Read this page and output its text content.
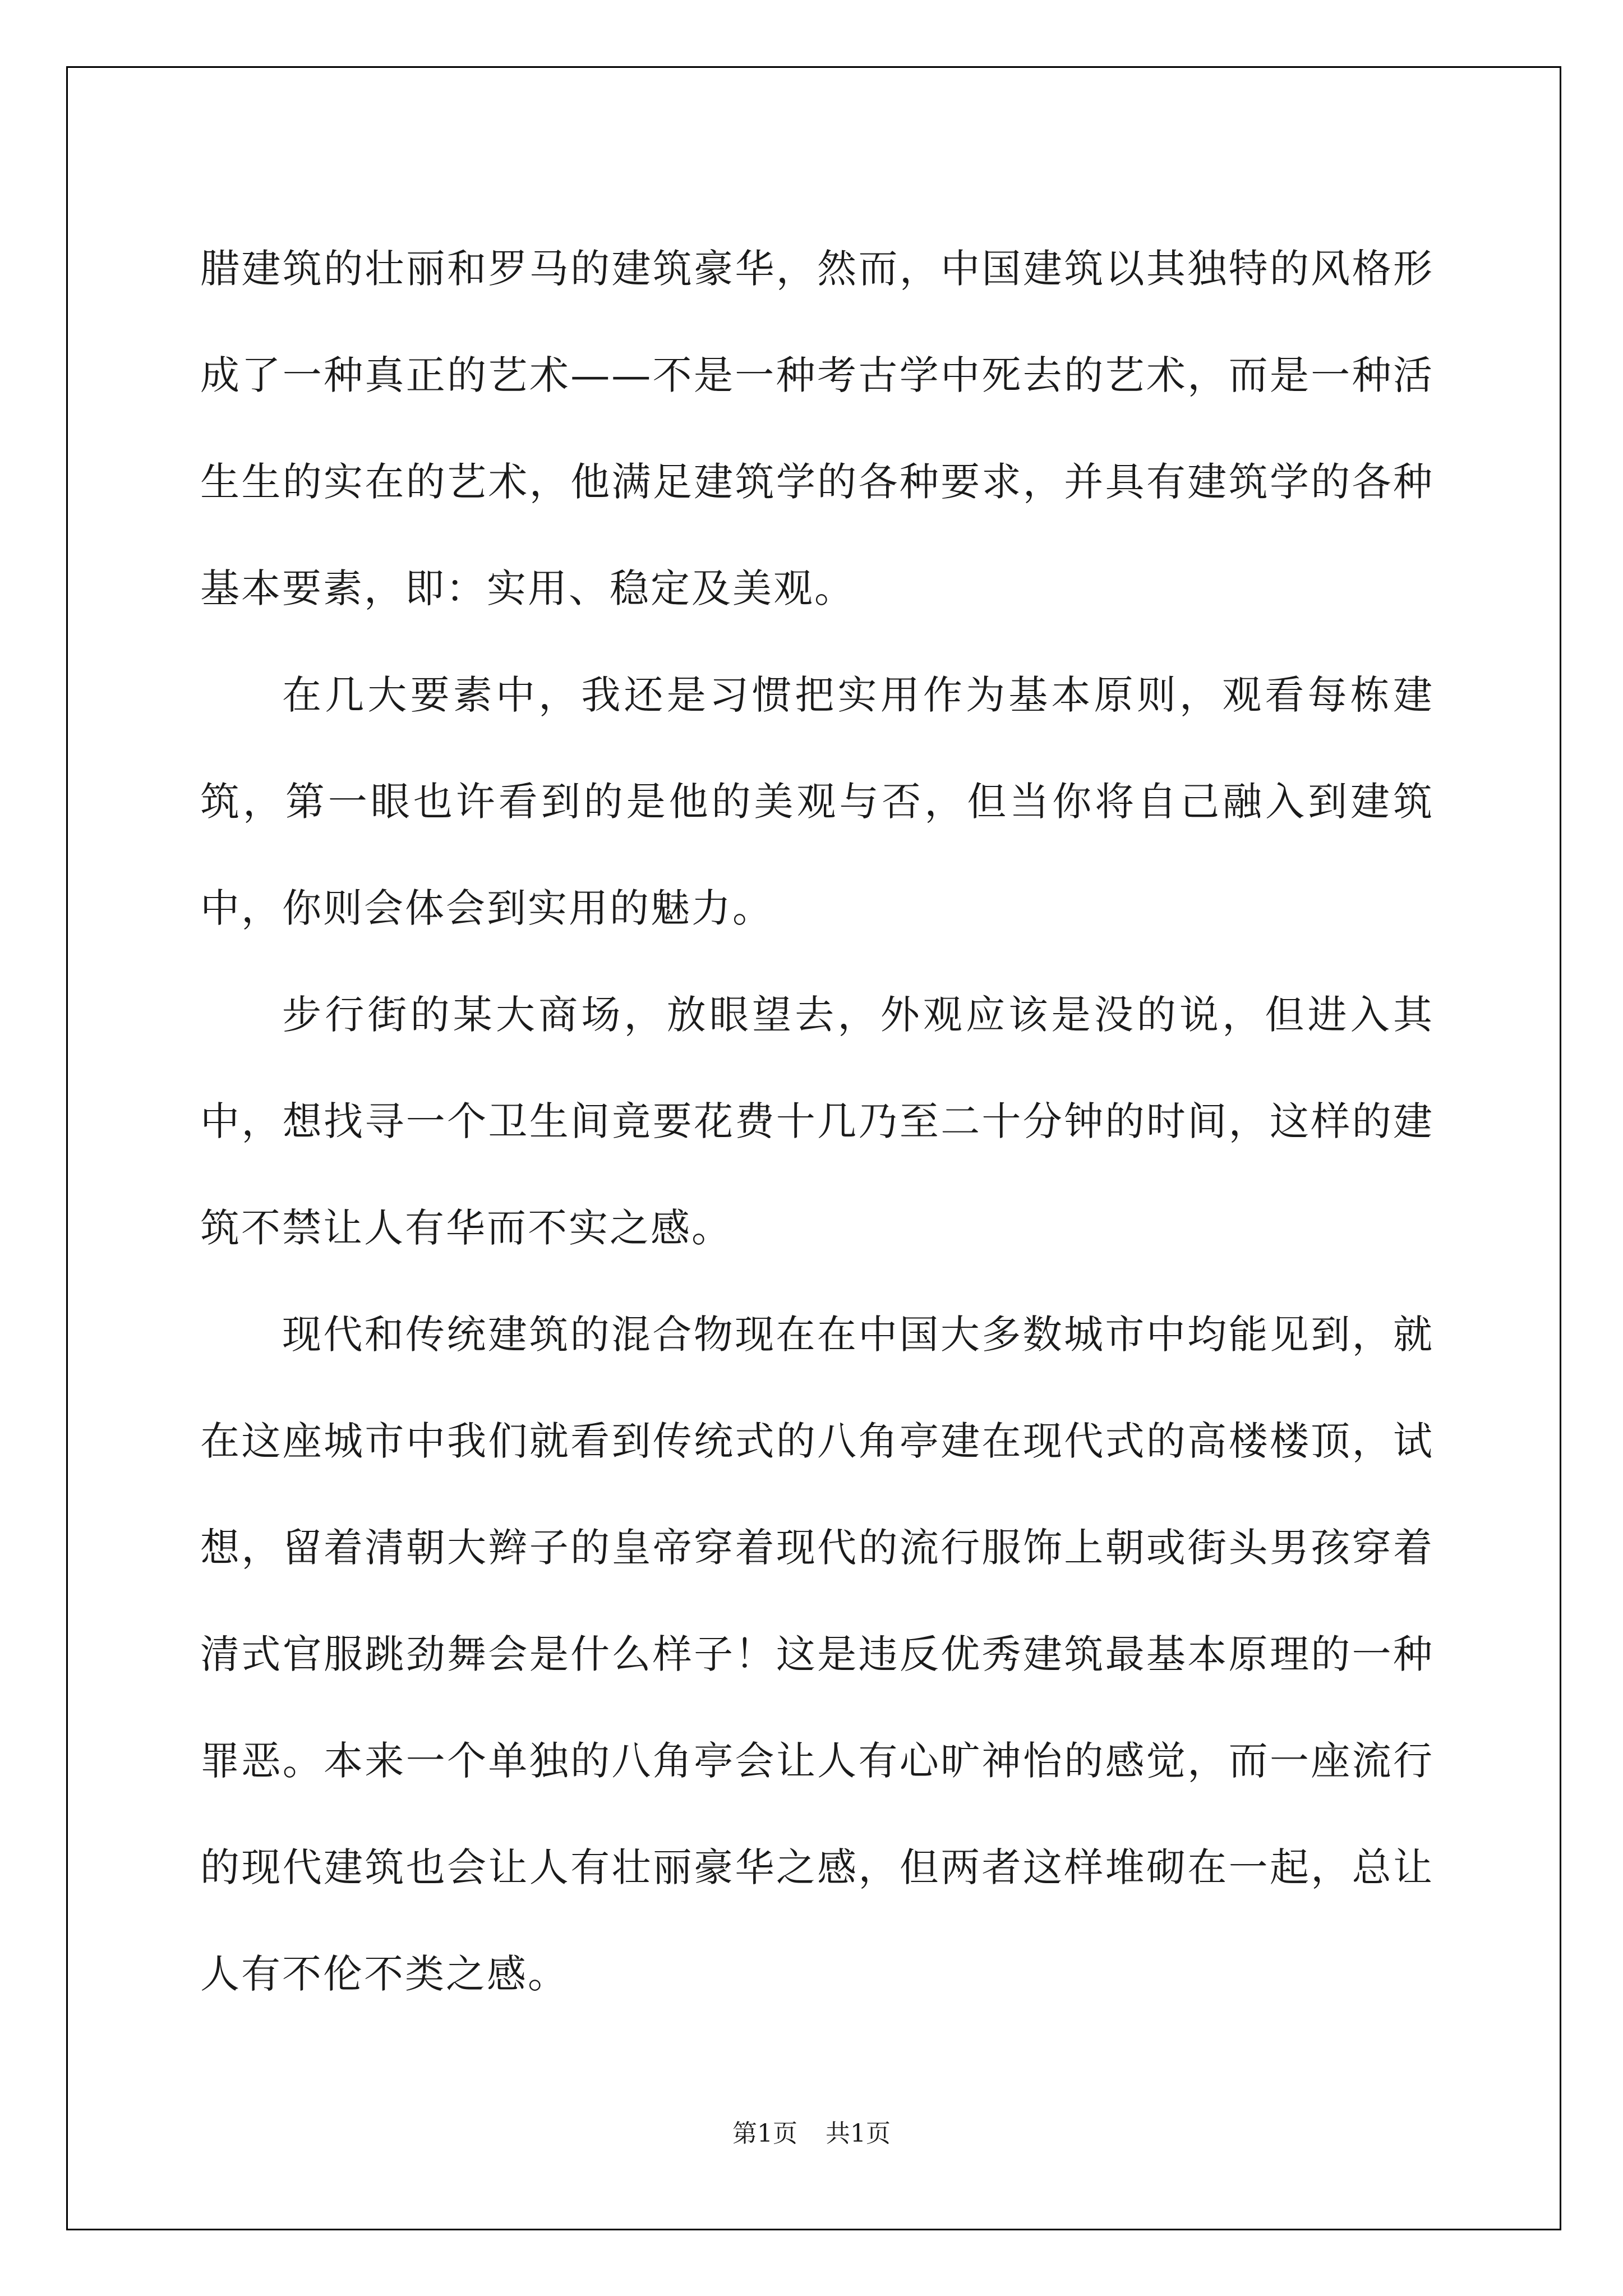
腊建筑的壮丽和罗马的建筑豪华，然而，中国建筑以其独特的风格形成了一种真正的艺术——不是一种考古学中死去的艺术，而是一种活生生的实在的艺术，他满足建筑学的各种要求，并具有建筑学的各种基本要素，即：实用、稳定及美观。

在几大要素中，我还是习惯把实用作为基本原则，观看每栋建筑，第一眼也许看到的是他的美观与否，但当你将自己融入到建筑中，你则会体会到实用的魅力。

步行街的某大商场，放眼望去，外观应该是没的说，但进入其中，想找寻一个卫生间竟要花费十几乃至二十分钟的时间，这样的建筑不禁让人有华而不实之感。

现代和传统建筑的混合物现在在中国大多数城市中均能见到，就在这座城市中我们就看到传统式的八角亭建在现代式的高楼楼顶，试想，留着清朝大辫子的皇帝穿着现代的流行服饰上朝或街头男孩穿着清式官服跳劲舞会是什么样子！这是违反优秀建筑最基本原理的一种罪恶。本来一个单独的八角亭会让人有心旷神怡的感觉，而一座流行的现代建筑也会让人有壮丽豪华之感，但两者这样堆砌在一起，总让人有不伦不类之感。

第1页 共1页
